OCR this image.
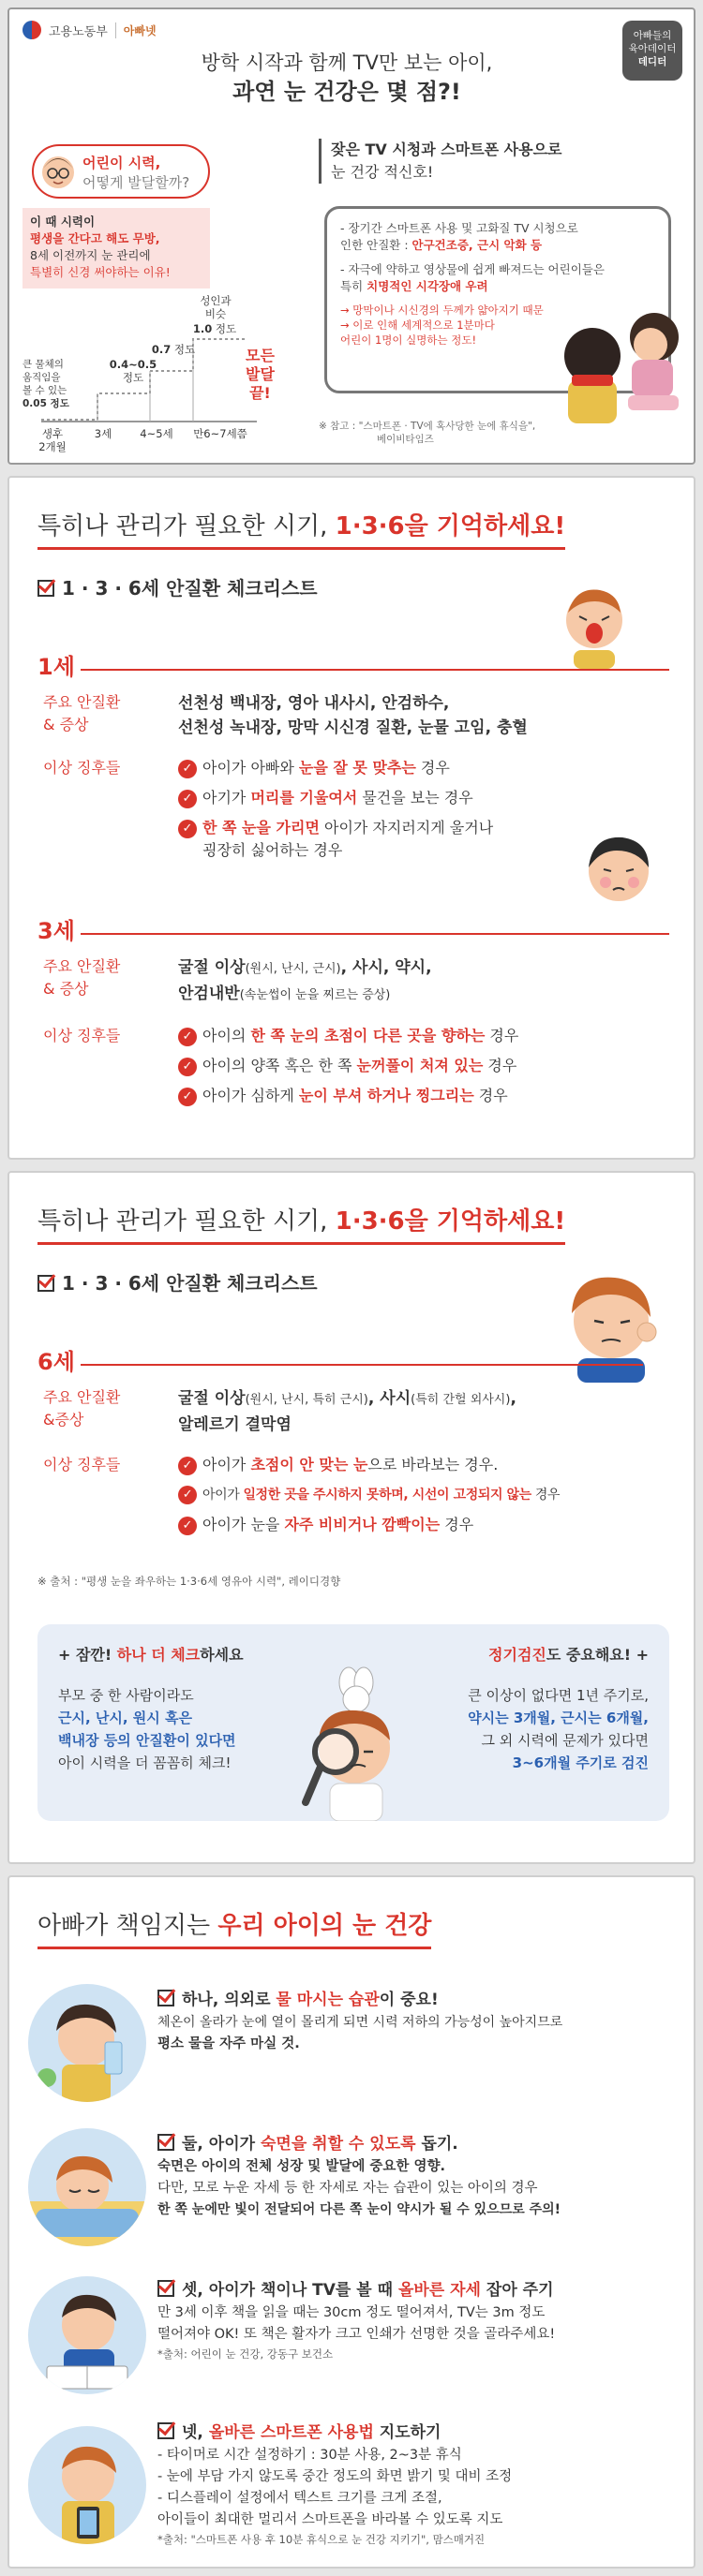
고용노동부	아빠넷	아빠들의
육아데이터
데디터
방학 시작과 함께 TV만 보는 아이,
과연 눈 건강은 몇 점?!
어린이 시력,
어떻게 발달할까?
이 때 시력이
평생을 간다고 해도 무방,
8세 이전까지 눈 관리에
특별히 신경 써야하는 이유!
큰 물체의
움직임을
볼 수 있는
0.05 정도
0.4~0.5
정도
0.7 정도
성인과
비슷
1.0 정도
모든
발달
끝!
생후
2개월
3세	4~5세	만6~7세쯤
잦은 TV 시청과 스마트폰 사용으로
눈 건강 적신호!
- 장기간 스마트폰 사용 및 고화질 TV 시청으로
인한 안질환 : 안구건조증, 근시 악화 등
- 자극에 약하고 영상물에 쉽게 빠져드는 어린이들은
특히 치명적인 시각장애 우려
→ 망막이나 시신경의 두께가 얇아지기 때문
→ 이로 인해 세계적으로 1분마다
어린이 1명이 실명하는 정도!
※ 참고 : "스마트폰 · TV에 혹사당한 눈에 휴식을",
베이비타임즈
특히나 관리가 필요한 시기, 1·3·6을 기억하세요!
1 · 3 · 6세 안질환 체크리스트
1세
주요 안질환
& 증상
선천성 백내장, 영아 내사시, 안검하수,
선천성 녹내장, 망막 시신경 질환, 눈물 고임, 충혈
이상 징후들	✓ 아이가 아빠와 눈을 잘 못 맞추는 경우
✓ 아기가 머리를 기울여서 물건을 보는 경우
✓ 한 쪽 눈을 가리면 아이가 자지러지게 울거나
굉장히 싫어하는 경우
3세
주요 안질환
& 증상
굴절 이상(원시, 난시, 근시), 사시, 약시,
안검내반(속눈썹이 눈을 찌르는 증상)
이상 징후들	✓ 아이의 한 쪽 눈의 초점이 다른 곳을 향하는 경우
✓ 아이의 양쪽 혹은 한 쪽 눈꺼풀이 처져 있는 경우
✓ 아이가 심하게 눈이 부셔 하거나 찡그리는 경우
특히나 관리가 필요한 시기, 1·3·6을 기억하세요!
1 · 3 · 6세 안질환 체크리스트
6세
주요 안질환
&증상
굴절 이상(원시, 난시, 특히 근시), 사시(특히 간헐 외사시),
알레르기 결막염
이상 징후들	✓ 아이가 초점이 안 맞는 눈으로 바라보는 경우.
✓ 아이가 일정한 곳을 주시하지 못하며, 시선이 고정되지 않는 경우
✓ 아이가 눈을 자주 비비거나 깜빡이는 경우
※ 출처 : "평생 눈을 좌우하는 1·3·6세 영유아 시력", 레이디경향
+ 잠깐! 하나 더 체크하세요
부모 중 한 사람이라도
근시, 난시, 원시 혹은
백내장 등의 안질환이 있다면
아이 시력을 더 꼼꼼히 체크!
정기검진도 중요해요! +
큰 이상이 없다면 1년 주기로,
약시는 3개월, 근시는 6개월,
그 외 시력에 문제가 있다면
3~6개월 주기로 검진
아빠가 책임지는 우리 아이의 눈 건강
하나, 의외로 물 마시는 습관이 중요!
체온이 올라가 눈에 열이 몰리게 되면 시력 저하의 가능성이 높아지므로
평소 물을 자주 마실 것.
둘, 아이가 숙면을 취할 수 있도록 돕기.
숙면은 아이의 전체 성장 및 발달에 중요한 영향.
다만, 모로 누운 자세 등 한 자세로 자는 습관이 있는 아이의 경우
한 쪽 눈에만 빛이 전달되어 다른 쪽 눈이 약시가 될 수 있으므로 주의!
셋, 아이가 책이나 TV를 볼 때 올바른 자세 잡아 주기
만 3세 이후 책을 읽을 때는 30cm 정도 떨어져서, TV는 3m 정도
떨어져야 OK! 또 책은 활자가 크고 인쇄가 선명한 것을 골라주세요!
*출처: 어린이 눈 건강, 강동구 보건소
넷, 올바른 스마트폰 사용법 지도하기
- 타이머로 시간 설정하기 : 30분 사용, 2~3분 휴식
- 눈에 부담 가지 않도록 중간 정도의 화면 밝기 및 대비 조정
- 디스플레이 설정에서 텍스트 크기를 크게 조절,
아이들이 최대한 멀리서 스마트폰을 바라볼 수 있도록 지도
*출처: "스마트폰 사용 후 10분 휴식으로 눈 건강 지키기", 맘스매거진
